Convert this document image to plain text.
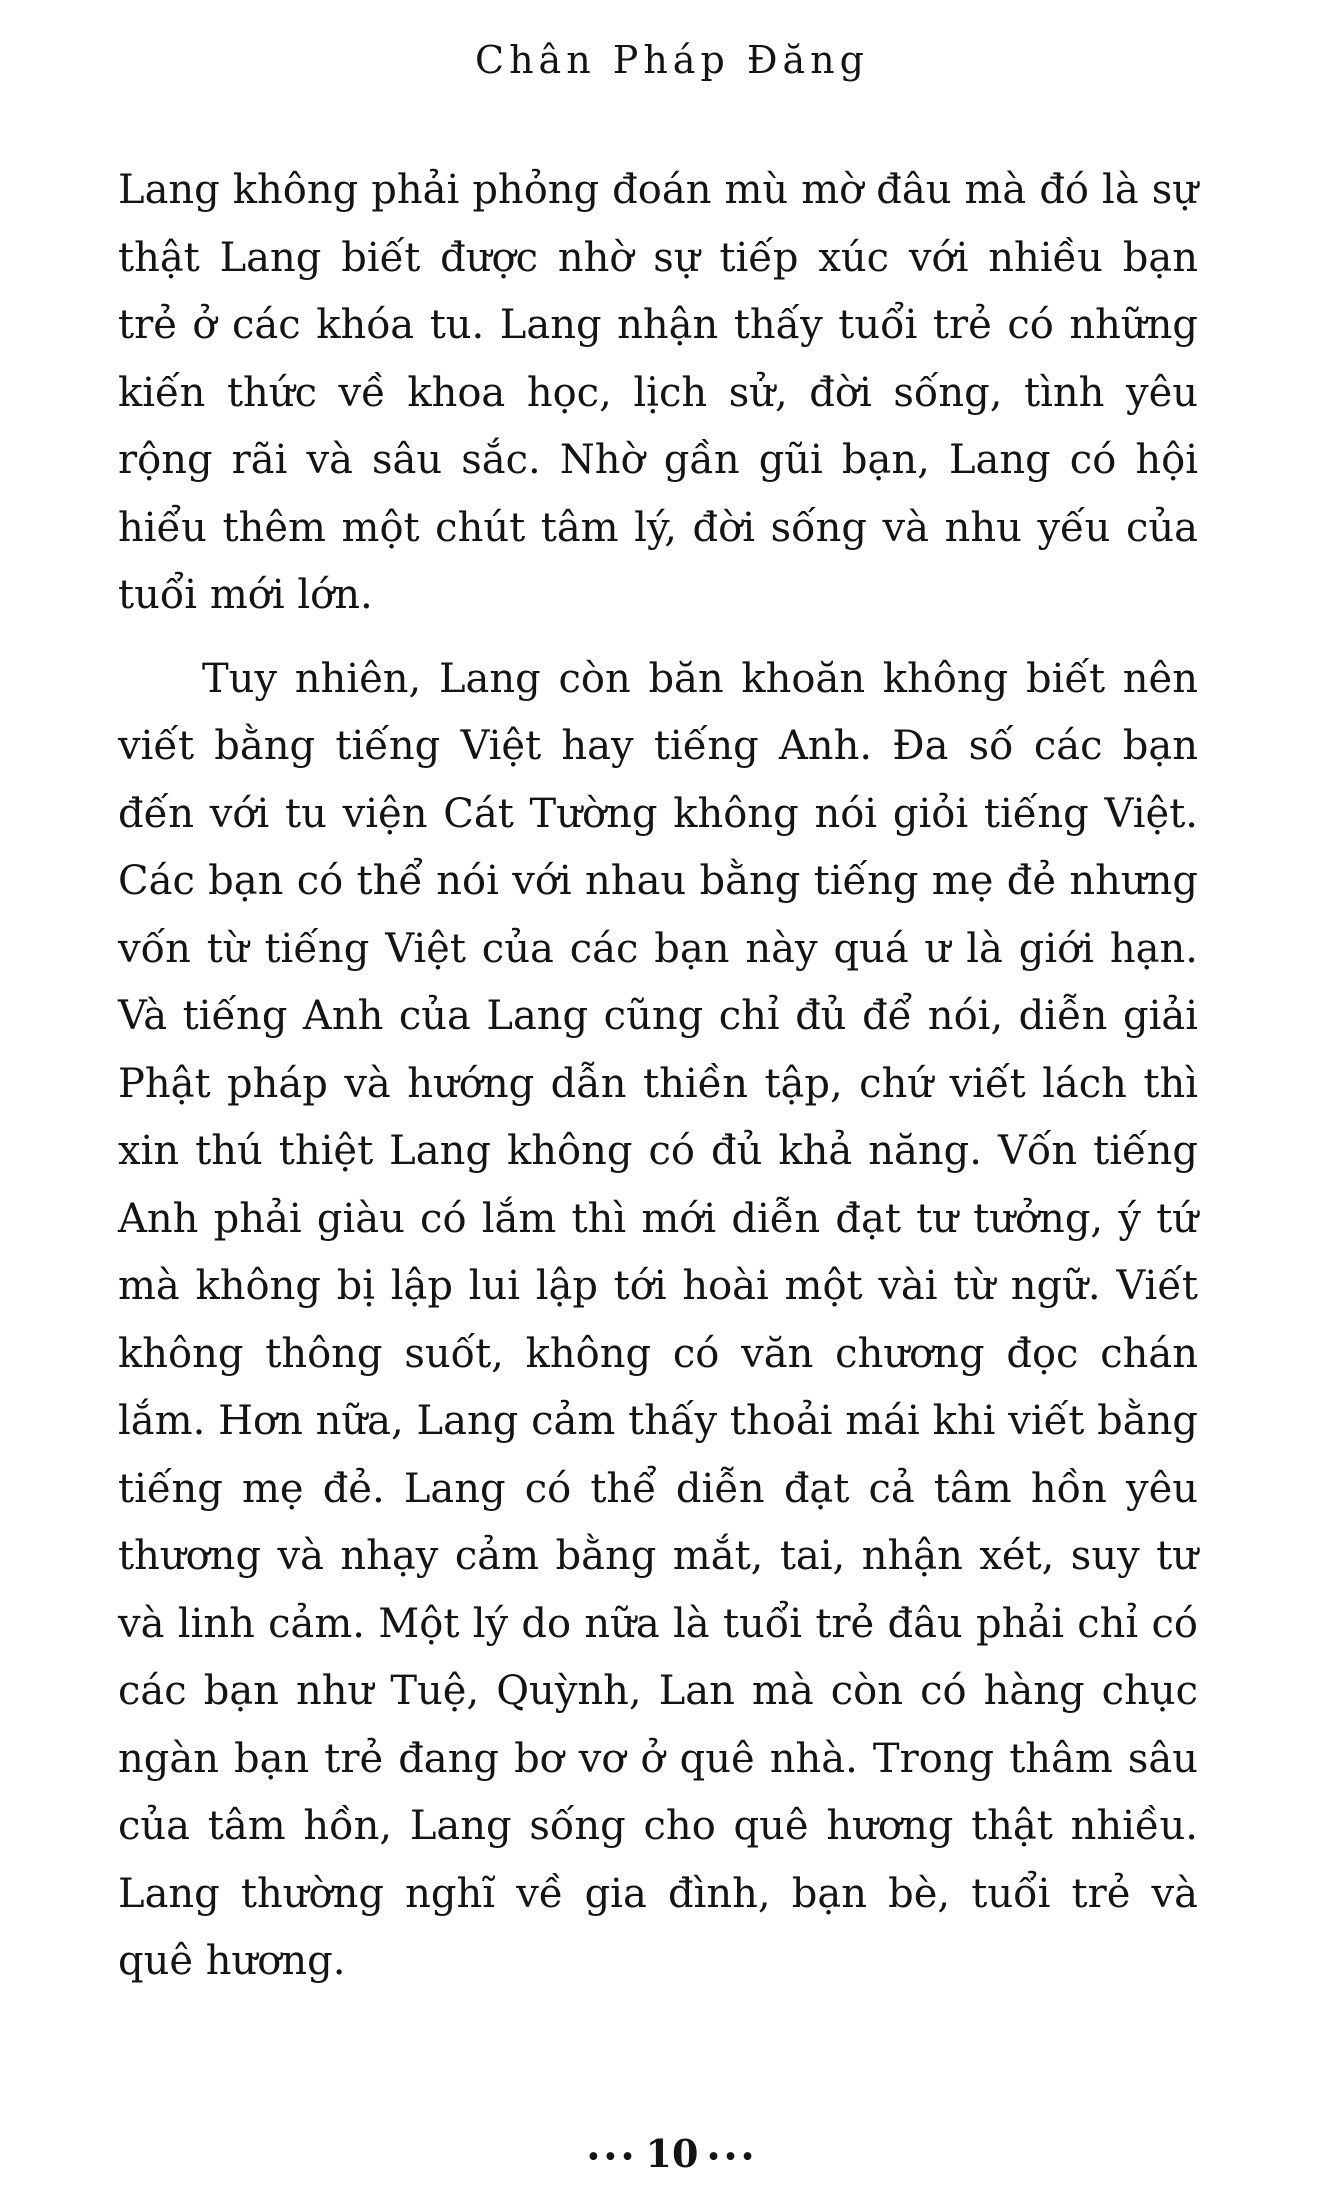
Chân Pháp Đăng

Lang không phải phỏng đoán mù mờ đâu mà đó là sự thật Lang biết được nhờ sự tiếp xúc với nhiều bạn trẻ ở các khóa tu. Lang nhận thấy tuổi trẻ có những kiến thức về khoa học, lịch sử, đời sống, tình yêu rộng rãi và sâu sắc. Nhờ gần gũi bạn, Lang có hội hiểu thêm một chút tâm lý, đời sống và nhu yếu của tuổi mới lớn.

Tuy nhiên, Lang còn băn khoăn không biết nên viết bằng tiếng Việt hay tiếng Anh. Đa số các bạn đến với tu viện Cát Tường không nói giỏi tiếng Việt. Các bạn có thể nói với nhau bằng tiếng mẹ đẻ nhưng vốn từ tiếng Việt của các bạn này quá ư là giới hạn. Và tiếng Anh của Lang cũng chỉ đủ để nói, diễn giải Phật pháp và hướng dẫn thiền tập, chứ viết lách thì xin thú thiệt Lang không có đủ khả năng. Vốn tiếng Anh phải giàu có lắm thì mới diễn đạt tư tưởng, ý tứ mà không bị lập lui lập tới hoài một vài từ ngữ. Viết không thông suốt, không có văn chương đọc chán lắm. Hơn nữa, Lang cảm thấy thoải mái khi viết bằng tiếng mẹ đẻ. Lang có thể diễn đạt cả tâm hồn yêu thương và nhạy cảm bằng mắt, tai, nhận xét, suy tư và linh cảm. Một lý do nữa là tuổi trẻ đâu phải chỉ có các bạn như Tuệ, Quỳnh, Lan mà còn có hàng chục ngàn bạn trẻ đang bơ vơ ở quê nhà. Trong thâm sâu của tâm hồn, Lang sống cho quê hương thật nhiều. Lang thường nghĩ về gia đình, bạn bè, tuổi trẻ và quê hương.

••• 10 •••
